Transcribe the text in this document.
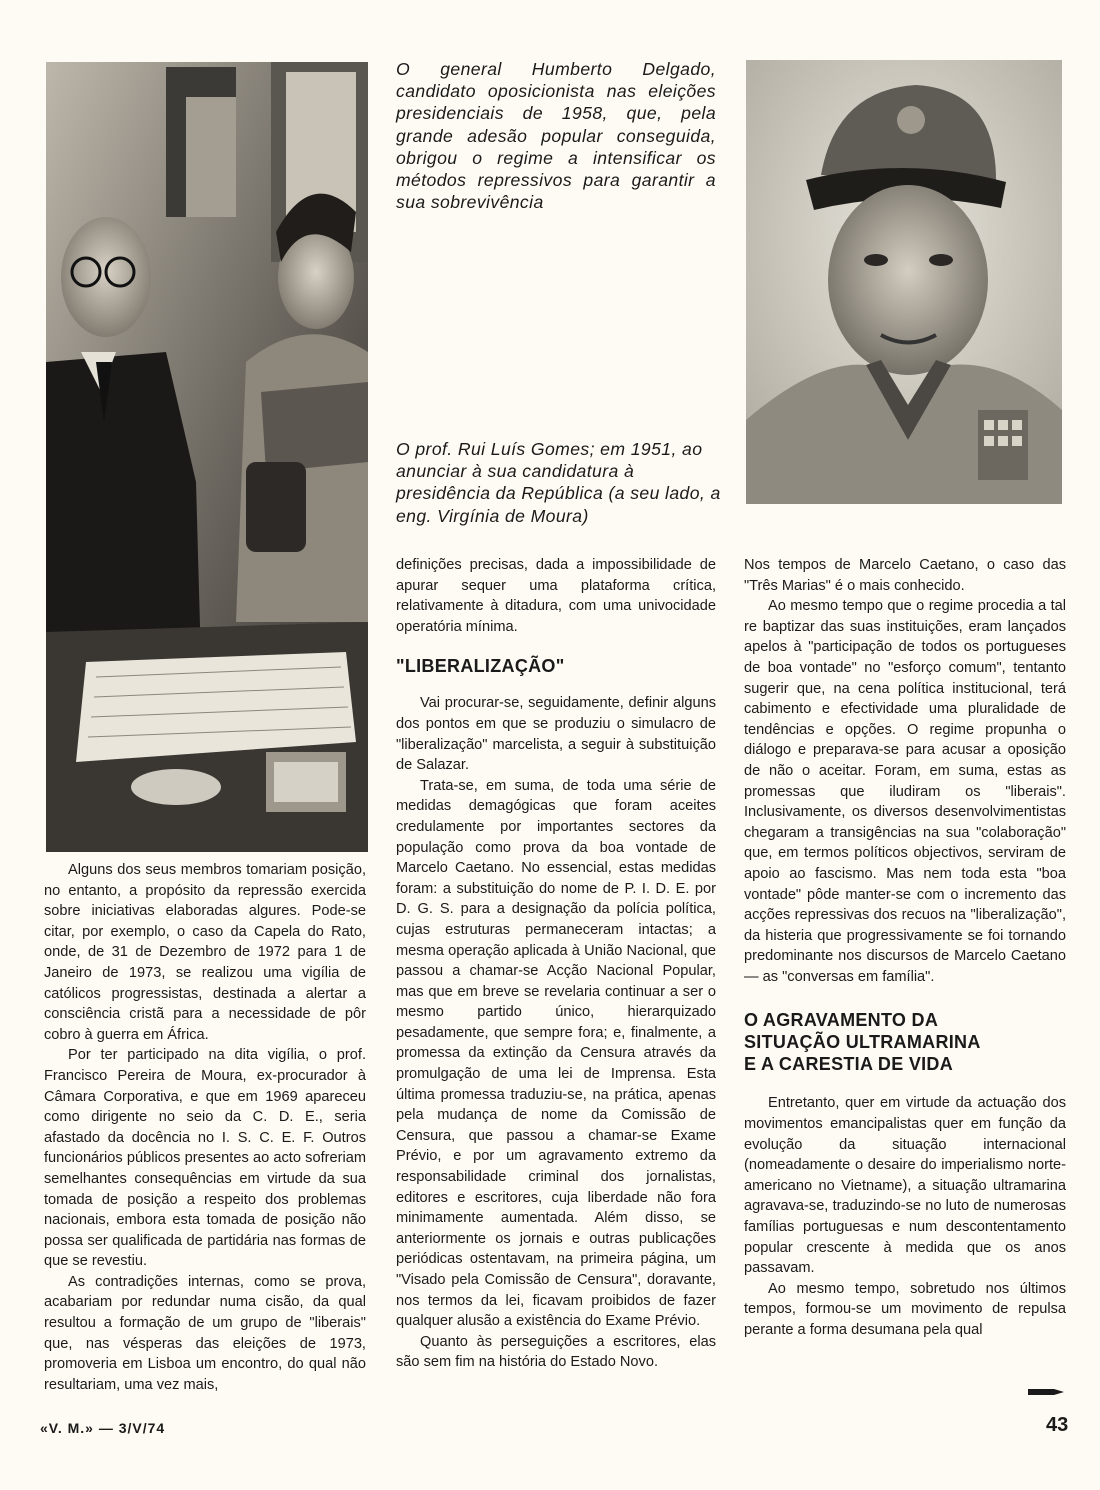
O general Humberto Delgado, candidato oposicionista nas eleições presidenciais de 1958, que, pela grande adesão popular conseguida, obrigou o regime a intensificar os métodos repressivos para garantir a sua sobrevivência
O prof. Rui Luís Gomes; em 1951, ao anunciar à sua candidatura à presidência da República (a seu lado, a eng. Virgínia de Moura)

Alguns dos seus membros tomariam posição, no entanto, a propósito da repressão exercida sobre iniciativas elaboradas algures. Pode-se citar, por exemplo, o caso da Capela do Rato, onde, de 31 de Dezembro de 1972 para 1 de Janeiro de 1973, se realizou uma vigília de católicos progressistas, destinada a alertar a consciência cristã para a necessidade de pôr cobro à guerra em África.

Por ter participado na dita vigília, o prof. Francisco Pereira de Moura, ex-procurador à Câmara Corporativa, e que em 1969 apareceu como dirigente no seio da C. D. E., seria afastado da docência no I. S. C. E. F. Outros funcionários públicos presentes ao acto sofreriam semelhantes consequências em virtude da sua tomada de posição a respeito dos problemas nacionais, embora esta tomada de posição não possa ser qualificada de partidária nas formas de que se revestiu.

As contradições internas, como se prova, acabariam por redundar numa cisão, da qual resultou a formação de um grupo de "liberais" que, nas vésperas das eleições de 1973, promoveria em Lisboa um encontro, do qual não resultariam, uma vez mais,

definições precisas, dada a impossibilidade de apurar sequer uma plataforma crítica, relativamente à ditadura, com uma univocidade operatória mínima.

"LIBERALIZAÇÃO"

Vai procurar-se, seguidamente, definir alguns dos pontos em que se produziu o simulacro de "liberalização" marcelista, a seguir à substituição de Salazar.

Trata-se, em suma, de toda uma série de medidas demagógicas que foram aceites credulamente por importantes sectores da população como prova da boa vontade de Marcelo Caetano. No essencial, estas medidas foram: a substituição do nome de P. I. D. E. por D. G. S. para a designação da polícia política, cujas estruturas permaneceram intactas; a mesma operação aplicada à União Nacional, que passou a chamar-se Acção Nacional Popular, mas que em breve se revelaria continuar a ser o mesmo partido único, hierarquizado pesadamente, que sempre fora; e, finalmente, a promessa da extinção da Censura através da promulgação de uma lei de Imprensa. Esta última promessa traduziu-se, na prática, apenas pela mudança de nome da Comissão de Censura, que passou a chamar-se Exame Prévio, e por um agravamento extremo da responsabilidade criminal dos jornalistas, editores e escritores, cuja liberdade não fora minimamente aumentada. Além disso, se anteriormente os jornais e outras publicações periódicas ostentavam, na primeira página, um "Visado pela Comissão de Censura", doravante, nos termos da lei, ficavam proibidos de fazer qualquer alusão a existência do Exame Prévio.

Quanto às perseguições a escritores, elas são sem fim na história do Estado Novo.

Nos tempos de Marcelo Caetano, o caso das "Três Marias" é o mais conhecido.

Ao mesmo tempo que o regime procedia a tal re baptizar das suas instituições, eram lançados apelos à "participação de todos os portugueses de boa vontade" no "esforço comum", tentanto sugerir que, na cena política institucional, terá cabimento e efectividade uma pluralidade de tendências e opções. O regime propunha o diálogo e preparava-se para acusar a oposição de não o aceitar. Foram, em suma, estas as promessas que iludiram os "liberais". Inclusivamente, os diversos desenvolvimentistas chegaram a transigências na sua "colaboração" que, em termos políticos objectivos, serviram de apoio ao fascismo. Mas nem toda esta "boa vontade" pôde manter-se com o incremento das acções repressivas dos recuos na "liberalização", da histeria que progressivamente se foi tornando predominante nos discursos de Marcelo Caetano — as "conversas em família".

O AGRAVAMENTO DA
SITUAÇÃO ULTRAMARINA
E A CARESTIA DE VIDA

Entretanto, quer em virtude da actuação dos movimentos emancipalistas quer em função da evolução da situação internacional (nomeadamente o desaire do imperialismo norte-americano no Vietname), a situação ultramarina agravava-se, traduzindo-se no luto de numerosas famílias portuguesas e num descontentamento popular crescente à medida que os anos passavam.

Ao mesmo tempo, sobretudo nos últimos tempos, formou-se um movimento de repulsa perante a forma desumana pela qual

«V. M.» — 3/V/74	43
